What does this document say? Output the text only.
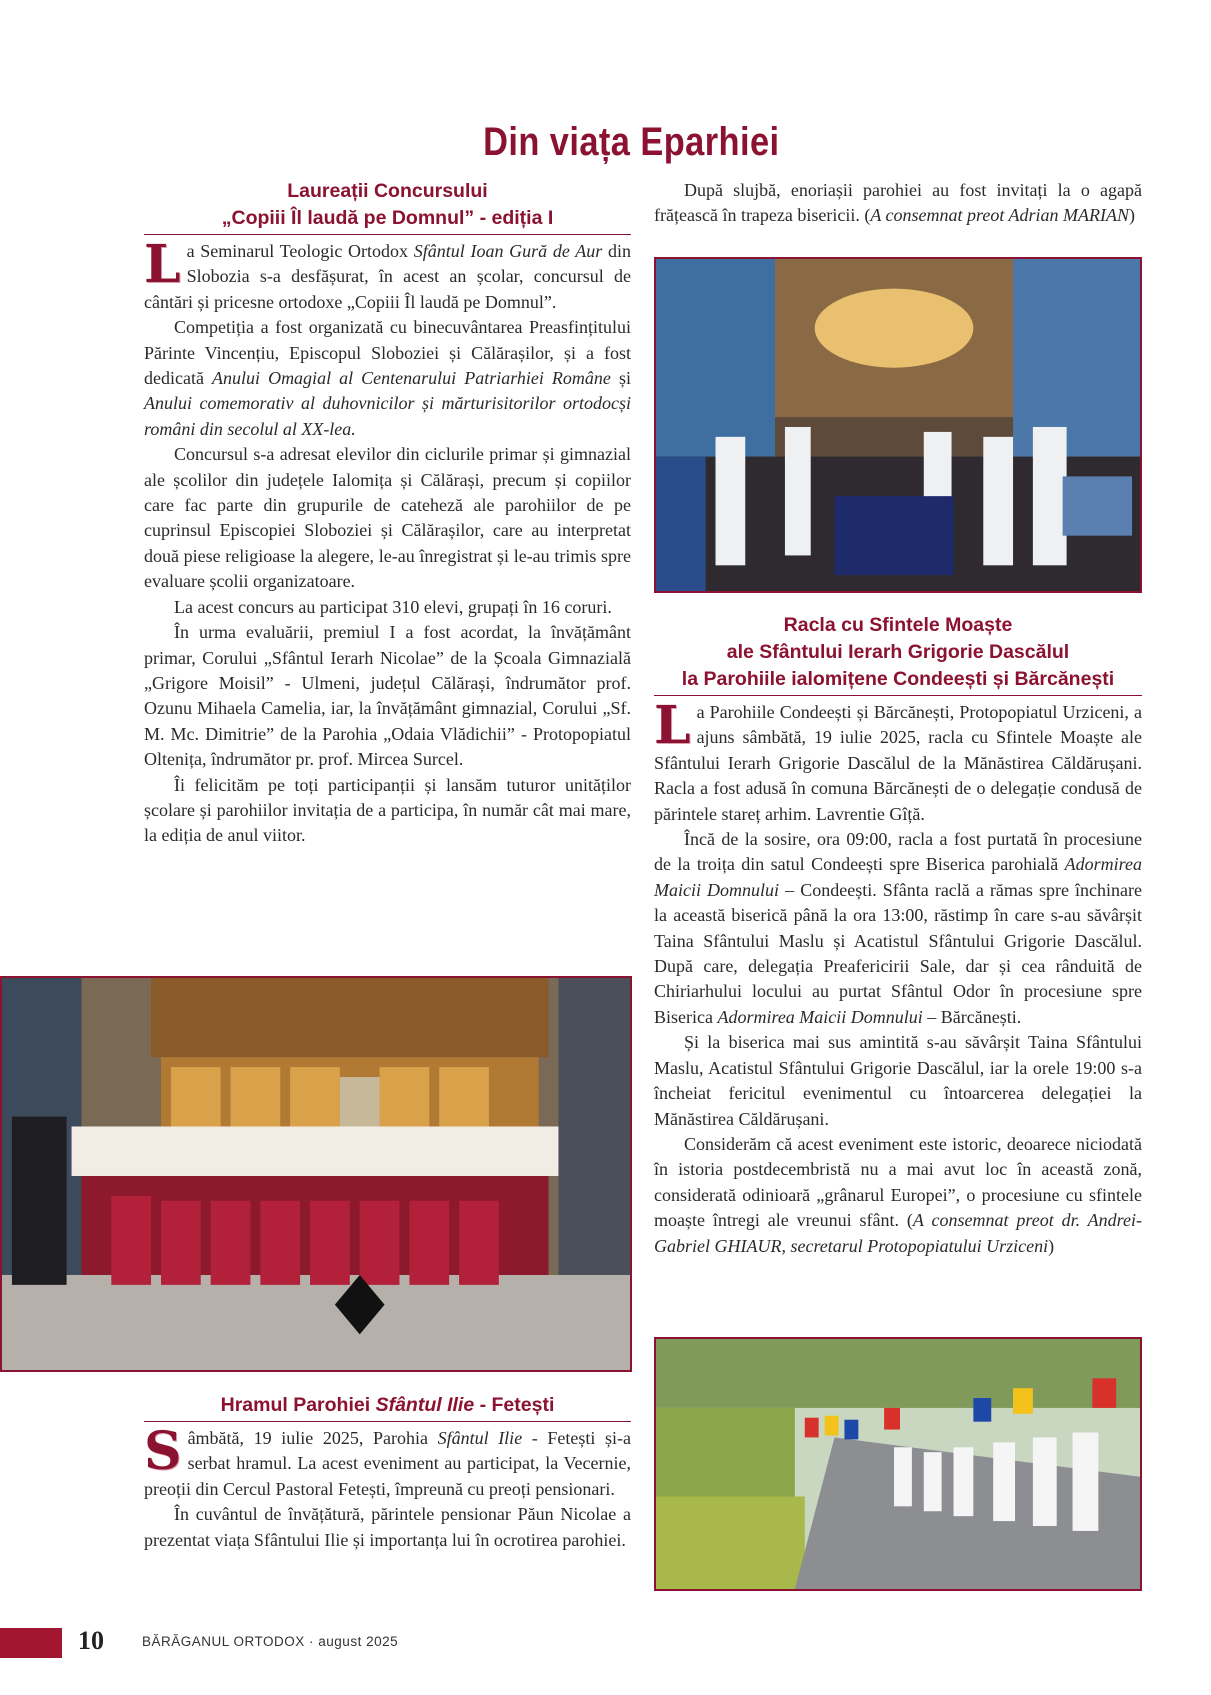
Din viața Eparhiei
Laureații Concursului
„Copiii Îl laudă pe Domnul” - ediția I

La Seminarul Teologic Ortodox Sfântul Ioan Gură de Aur din Slobozia s-a desfășurat, în acest an școlar, concursul de cântări și pricesne ortodoxe „Copiii Îl laudă pe Domnul”.

Competiția a fost organizată cu binecuvântarea Preasfințitului Părinte Vincențiu, Episcopul Sloboziei și Călărașilor, și a fost dedicată Anului Omagial al Centenarului Patriarhiei Române și Anului comemorativ al duhovnicilor și mărturisitorilor ortodocși români din secolul al XX-lea.

Concursul s-a adresat elevilor din ciclurile primar și gimnazial ale școlilor din județele Ialomița și Călărași, precum și copiilor care fac parte din grupurile de cateheză ale parohiilor de pe cuprinsul Episcopiei Sloboziei și Călărașilor, care au interpretat două piese religioase la alegere, le-au înregistrat și le-au trimis spre evaluare școlii organizatoare.

La acest concurs au participat 310 elevi, grupați în 16 coruri.

În urma evaluării, premiul I a fost acordat, la învățământ primar, Corului „Sfântul Ierarh Nicolae” de la Școala Gimnazială „Grigore Moisil” - Ulmeni, județul Călărași, îndrumător prof. Ozunu Mihaela Camelia, iar, la învățământ gimnazial, Corului „Sf. M. Mc. Dimitrie” de la Parohia „Odaia Vlădichii” - Protopopiatul Oltenița, îndrumător pr. prof. Mircea Surcel.

Îi felicităm pe toți participanții și lansăm tuturor unităților școlare și parohiilor invitația de a participa, în număr cât mai mare, la ediția de anul viitor.

Hramul Parohiei Sfântul Ilie - Fetești

Sâmbătă, 19 iulie 2025, Parohia Sfântul Ilie - Fetești și-a serbat hramul. La acest eveniment au participat, la Vecernie, preoții din Cercul Pastoral Fetești, împreună cu preoți pensionari.

În cuvântul de învățătură, părintele pensionar Păun Nicolae a prezentat viața Sfântului Ilie și importanța lui în ocrotirea parohiei.

După slujbă, enoriașii parohiei au fost invitați la o agapă frățească în trapeza bisericii. (A consemnat preot Adrian MARIAN)

Racla cu Sfintele Moaște
ale Sfântului Ierarh Grigorie Dascălul
la Parohiile ialomițene Condeești și Bărcănești

La Parohiile Condeești și Bărcănești, Protopopiatul Urziceni, a ajuns sâmbătă, 19 iulie 2025, racla cu Sfintele Moaște ale Sfântului Ierarh Grigorie Dascălul de la Mănăstirea Căldărușani. Racla a fost adusă în comuna Bărcănești de o delegație condusă de părintele stareț arhim. Lavrentie Gîță.

Încă de la sosire, ora 09:00, racla a fost purtată în procesiune de la troița din satul Condeești spre Biserica parohială Adormirea Maicii Domnului – Condeești. Sfânta raclă a rămas spre închinare la această biserică până la ora 13:00, răstimp în care s-au săvârșit Taina Sfântului Maslu și Acatistul Sfântului Grigorie Dascălul. După care, delegația Preafericirii Sale, dar și cea rânduită de Chiriarhului locului au purtat Sfântul Odor în procesiune spre Biserica Adormirea Maicii Domnului – Bărcănești.

Și la biserica mai sus amintită s-au săvârșit Taina Sfântului Maslu, Acatistul Sfântului Grigorie Dascălul, iar la orele 19:00 s-a încheiat fericitul evenimentul cu întoarcerea delegației la Mănăstirea Căldărușani.

Considerăm că acest eveniment este istoric, deoarece niciodată în istoria postdecembristă nu a mai avut loc în această zonă, considerată odinioară „grânarul Europei”, o procesiune cu sfintele moaște întregi ale vreunui sfânt. (A consemnat preot dr. Andrei-Gabriel GHIAUR, secretarul Protopopiatului Urziceni)

10	BĂRĂGANUL ORTODOX · august 2025
